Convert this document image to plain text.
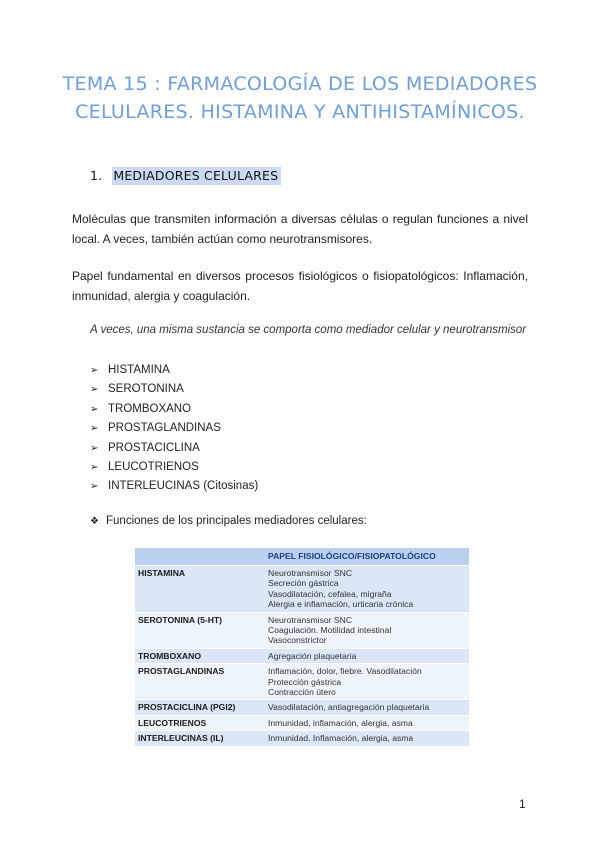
TEMA 15 : FARMACOLOGÍA DE LOS MEDIADORES
CELULARES. HISTAMINA Y ANTIHISTAMÍNICOS.
1. MEDIADORES CELULARES

Moléculas que transmiten información a diversas células o regulan funciones a nivel local. A veces, también actúan como neurotransmisores.

Papel fundamental en diversos procesos fisiológicos o fisiopatológicos: Inflamación, inmunidad, alergia y coagulación.

A veces, una misma sustancia se comporta como mediador celular y neurotransmisor
➢ HISTAMINA
➢ SEROTONINA
➢ TROMBOXANO
➢ PROSTAGLANDINAS
➢ PROSTACICLINA
➢ LEUCOTRIENOS
➢ INTERLEUCINAS (Citosinas)
❖ Funciones de los principales mediadores celulares:
	PAPEL FISIOLÓGICO/FISIOPATOLÓGICO
HISTAMINA	Neurotransmisor SNC
Secreción gástrica
Vasodilatación, cefalea, migraña
Alergia e inflamación, urticaria crónica

SEROTONINA (5-HT)	Neurotransmisor SNC
Coagulación. Motilidad intestinal
Vasoconstrictor

TROMBOXANO	Agregación plaquetaria

PROSTAGLANDINAS	Inflamación, dolor, fiebre. Vasodilatación
Protección gástrica
Contracción útero

PROSTACICLINA (PGI2)	Vasodilatación, antiagregación plaquetaria

LEUCOTRIENOS	Inmunidad, inflamación, alergia, asma

INTERLEUCINAS (IL)	Inmunidad. Inflamación, alergia, asma
1
